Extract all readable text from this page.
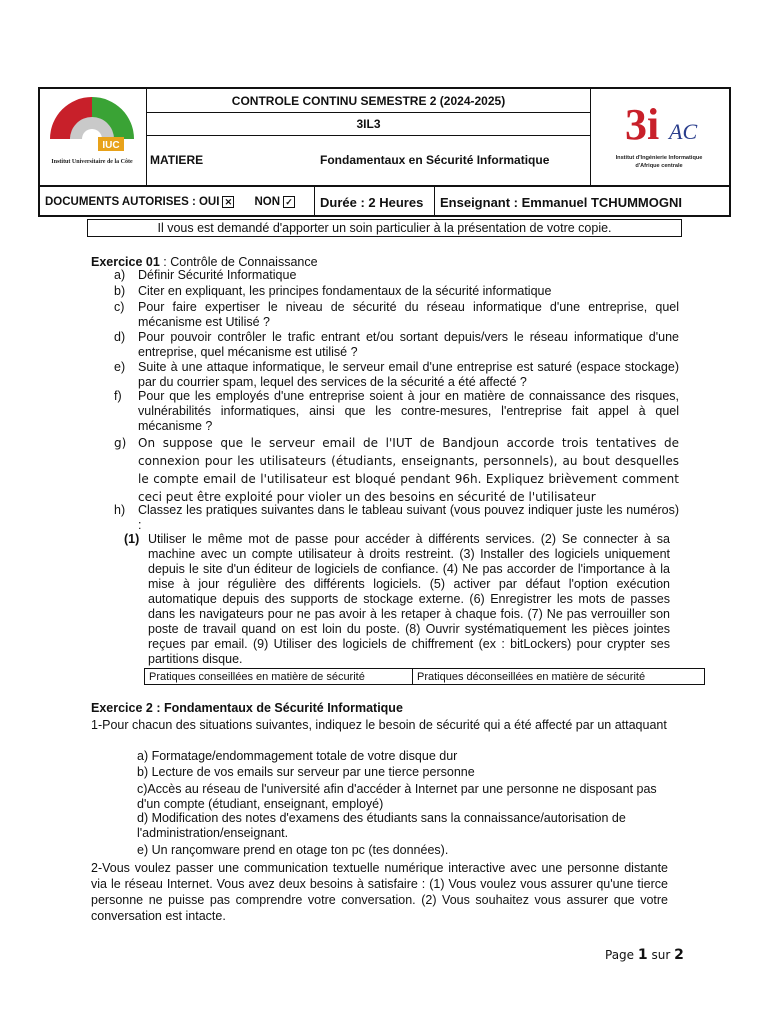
IUC
Institut Universitaire de la Côte
CONTROLE CONTINU SEMESTRE 2 (2024-2025)
3IL3
MATIERE	Fondamentaux en Sécurité Informatique
3i AC
Institut d'Ingénierie Informatique
d'Afrique centrale
DOCUMENTS AUTORISES : OUI ✕ NON ✓	Durée : 2 Heures	Enseignant : Emmanuel TCHUMMOGNI
Il vous est demandé d'apporter un soin particulier à la présentation de votre copie.
Exercice 01 : Contrôle de Connaissance
a) Définir Sécurité Informatique
b) Citer en expliquant, les principes fondamentaux de la sécurité informatique
c) Pour faire expertiser le niveau de sécurité du réseau informatique d'une entreprise, quel mécanisme est Utilisé ?
d) Pour pouvoir contrôler le trafic entrant et/ou sortant depuis/vers le réseau informatique d'une entreprise, quel mécanisme est utilisé ?
e) Suite à une attaque informatique, le serveur email d'une entreprise est saturé (espace stockage) par du courrier spam, lequel des services de la sécurité a été affecté ?
f) Pour que les employés d'une entreprise soient à jour en matière de connaissance des risques, vulnérabilités informatiques, ainsi que les contre-mesures, l'entreprise fait appel à quel mécanisme ?
g) On suppose que le serveur email de l'IUT de Bandjoun accorde trois tentatives de connexion pour les utilisateurs (étudiants, enseignants, personnels), au bout desquelles le compte email de l'utilisateur est bloqué pendant 96h. Expliquez brièvement comment ceci peut être exploité pour violer un des besoins en sécurité de l'utilisateur
h) Classez les pratiques suivantes dans le tableau suivant (vous pouvez indiquer juste les numéros) :
(1) Utiliser le même mot de passe pour accéder à différents services. (2) Se connecter à sa machine avec un compte utilisateur à droits restreint. (3) Installer des logiciels uniquement depuis le site d'un éditeur de logiciels de confiance. (4) Ne pas accorder de l'importance à la mise à jour régulière des différents logiciels. (5) activer par défaut l'option exécution automatique depuis des supports de stockage externe. (6) Enregistrer les mots de passes dans les navigateurs pour ne pas avoir à les retaper à chaque fois. (7) Ne pas verrouiller son poste de travail quand on est loin du poste. (8) Ouvrir systématiquement les pièces jointes reçues par email. (9) Utiliser des logiciels de chiffrement (ex : bitLockers) pour crypter ses partitions disque.
Pratiques conseillées en matière de sécurité	Pratiques déconseillées en matière de sécurité
Exercice 2 : Fondamentaux de Sécurité Informatique
1-Pour chacun des situations suivantes, indiquez le besoin de sécurité qui a été affecté par un attaquant
a) Formatage/endommagement totale de votre disque dur
b) Lecture de vos emails sur serveur par une tierce personne
c)Accès au réseau de l'université afin d'accéder à Internet par une personne ne disposant pas d'un compte (étudiant, enseignant, employé)
d) Modification des notes d'examens des étudiants sans la connaissance/autorisation de l'administration/enseignant.
e) Un rançomware prend en otage ton pc (tes données).
2-Vous voulez passer une communication textuelle numérique interactive avec une personne distante via le réseau Internet. Vous avez deux besoins à satisfaire : (1) Vous voulez vous assurer qu'une tierce personne ne puisse pas comprendre votre conversation. (2) Vous souhaitez vous assurer que votre conversation est intacte.
Page 1 sur 2
